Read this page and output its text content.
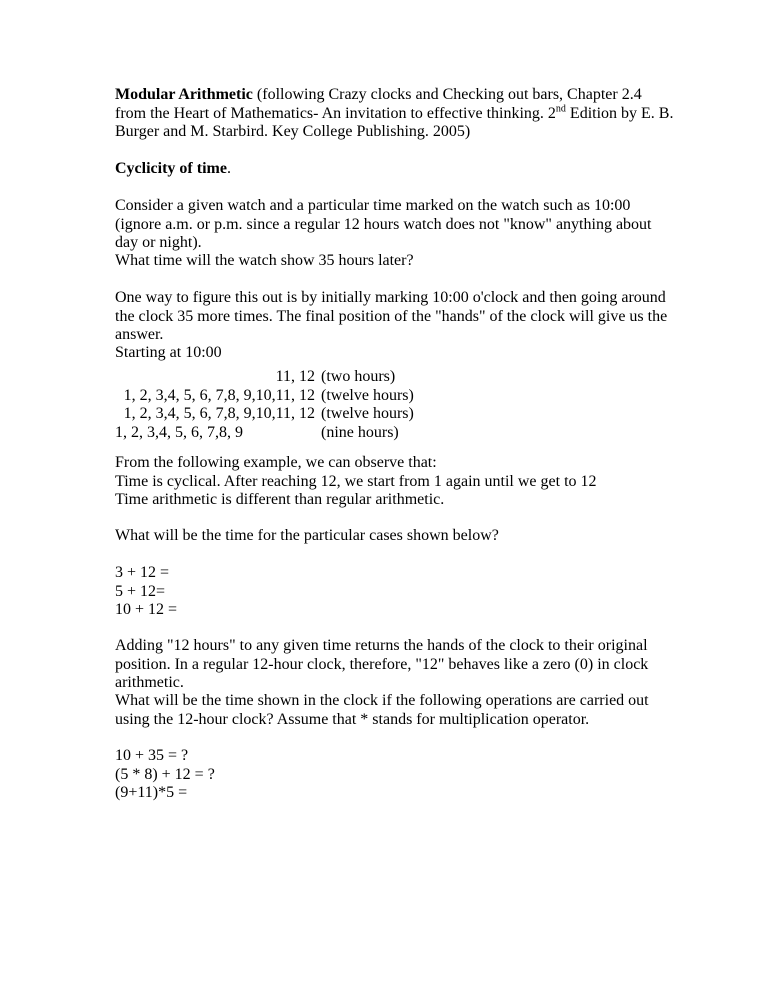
Modular Arithmetic (following Crazy clocks and Checking out bars, Chapter 2.4 from the Heart of Mathematics- An invitation to effective thinking. 2nd Edition by E. B. Burger and M. Starbird. Key College Publishing. 2005)

Cyclicity of time.

Consider a given watch and a particular time marked on the watch such as 10:00 (ignore a.m. or p.m. since a regular 12 hours watch does not "know" anything about day or night).

What time will the watch show 35 hours later?

One way to figure this out is by initially marking 10:00 o'clock and then going around the clock 35 more times. The final position of the "hands" of the clock will give us the answer.

Starting at 10:00

11, 12 (two hours)
1, 2, 3,4, 5, 6, 7,8, 9,10,11, 12 (twelve hours)
1, 2, 3,4, 5, 6, 7,8, 9,10,11, 12 (twelve hours)
1, 2, 3,4, 5, 6, 7,8, 9	(nine hours)

From the following example, we can observe that:

Time is cyclical. After reaching 12, we start from 1 again until we get to 12

Time arithmetic is different than regular arithmetic.

What will be the time for the particular cases shown below?

3 + 12 =

5 + 12=

10 + 12 =

Adding "12 hours" to any given time returns the hands of the clock to their original position. In a regular 12-hour clock, therefore, "12" behaves like a zero (0) in clock arithmetic.

What will be the time shown in the clock if the following operations are carried out using the 12-hour clock? Assume that * stands for multiplication operator.

10 + 35 = ?

(5 * 8) + 12 = ?

(9+11)*5 =
